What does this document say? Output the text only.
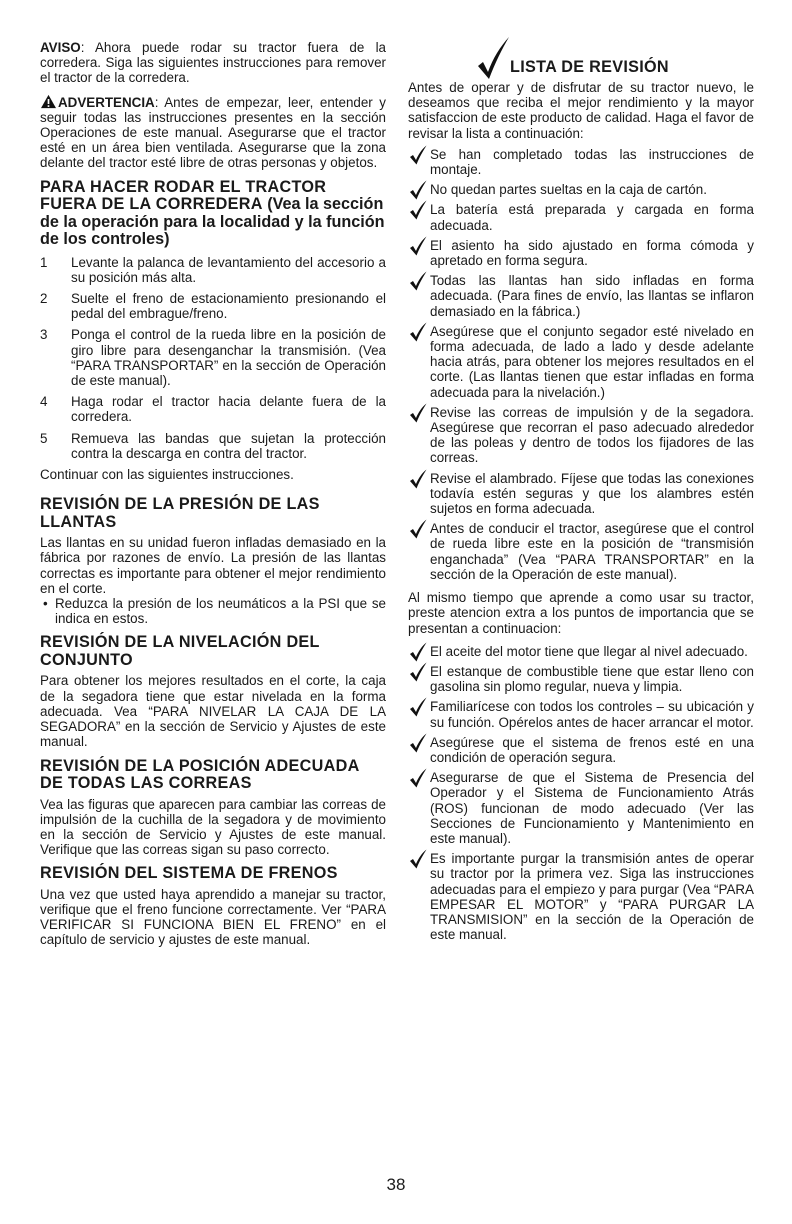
AVISO: Ahora puede rodar su tractor fuera de la corredera. Siga las siguientes instrucciones para remover el tractor de la corredera.

ADVERTENCIA: Antes de empezar, leer, entender y seguir todas las instrucciones presentes en la sección Operaciones de este manual. Asegurarse que el tractor esté en un área bien ventilada. Asegurarse que la zona delante del tractor esté libre de otras personas y objetos.

PARA HACER RODAR EL TRACTOR FUERA DE LA CORREDERA (Vea la sección de la operación para la localidad y la función de los controles)
1	Levante la palanca de levantamiento del accesorio a su posición más alta.
2	Suelte el freno de estacionamiento presionando el pedal del embrague/freno.
3	Ponga el control de la rueda libre en la posición de giro libre para desenganchar la transmisión. (Vea “PARA TRANSPORTAR” en la sección de Operación de este manual).
4	Haga rodar el tractor hacia delante fuera de la corredera.
5	Remueva las bandas que sujetan la protección contra la descarga en contra del tractor.

Continuar con las siguientes instrucciones.

REVISIÓN DE LA PRESIÓN DE LAS LLANTAS

Las llantas en su unidad fueron infladas demasiado en la fábrica por razones de envío. La presión de las llantas correctas es importante para obtener el mejor rendimiento en el corte.

• Reduzca la presión de los neumáticos a la PSI que se indica en estos.
REVISIÓN DE LA NIVELACIÓN DEL CONJUNTO

Para obtener los mejores resultados en el corte, la caja de la segadora tiene que estar nivelada en la forma adecuada. Vea “PARA NIVELAR LA CAJA DE LA SEGADORA” en la sección de Servicio y Ajustes de este manual.

REVISIÓN DE LA POSICIÓN ADECUADA DE TODAS LAS CORREAS

Vea las figuras que aparecen para cambiar las correas de impulsión de la cuchilla de la segadora y de movimiento en la sección de Servicio y Ajustes de este manual. Verifique que las correas sigan su paso correcto.

REVISIÓN DEL SISTEMA DE FRENOS

Una vez que usted haya aprendido a manejar su tractor, verifique que el freno funcione correctamente. Ver “PARA VERIFICAR SI FUNCIONA BIEN EL FRENO” en el capítulo de servicio y ajustes de este manual.

LISTA DE REVISIÓN

Antes de operar y de disfrutar de su tractor nuevo, le deseamos que reciba el mejor rendimiento y la mayor satisfaccion de este producto de calidad. Haga el favor de revisar la lista a continuación:

Se han completado todas las instrucciones de montaje.
No quedan partes sueltas en la caja de cartón.
La batería está preparada y cargada en forma adecuada.
El asiento ha sido ajustado en forma cómoda y apretado en forma segura.
Todas las llantas han sido infladas en forma adecuada. (Para fines de envío, las llantas se inflaron demasiado en la fábrica.)
Asegúrese que el conjunto segador esté nivelado en forma adecuada, de lado a lado y desde adelante hacia atrás, para obtener los mejores resultados en el corte. (Las llantas tienen que estar infladas en forma adecuada para la nivelación.)
Revise las correas de impulsión y de la segadora. Asegúrese que recorran el paso adecuado alrededor de las poleas y dentro de todos los fijadores de las correas.
Revise el alambrado. Fíjese que todas las conexiones todavía estén seguras y que los alambres estén sujetos en forma adecuada.
Antes de conducir el tractor, asegúrese que el control de rueda libre este en la posición de “transmisión enganchada” (Vea “PARA TRANSPORTAR” en la sección de la Operación de este manual).

Al mismo tiempo que aprende a como usar su tractor, preste atencion extra a los puntos de importancia que se presentan a continuacion:

El aceite del motor tiene que llegar al nivel adecuado.
El estanque de combustible tiene que estar lleno con gasolina sin plomo regular, nueva y limpia.
Familiarícese con todos los controles – su ubicación y su función. Opérelos antes de hacer arrancar el motor.
Asegúrese que el sistema de frenos esté en una condición de operación segura.
Asegurarse de que el Sistema de Presencia del Operador y el Sistema de Funcionamiento Atrás (ROS) funcionan de modo adecuado (Ver las Secciones de Funcionamiento y Mantenimiento en este manual).
Es importante purgar la transmisión antes de operar su tractor por la primera vez. Siga las instrucciones adecuadas para el empiezo y para purgar (Vea “PARA EMPESAR EL MOTOR” y “PARA PURGAR LA TRANSMISION” en la sección de la Operación de este manual.
38
